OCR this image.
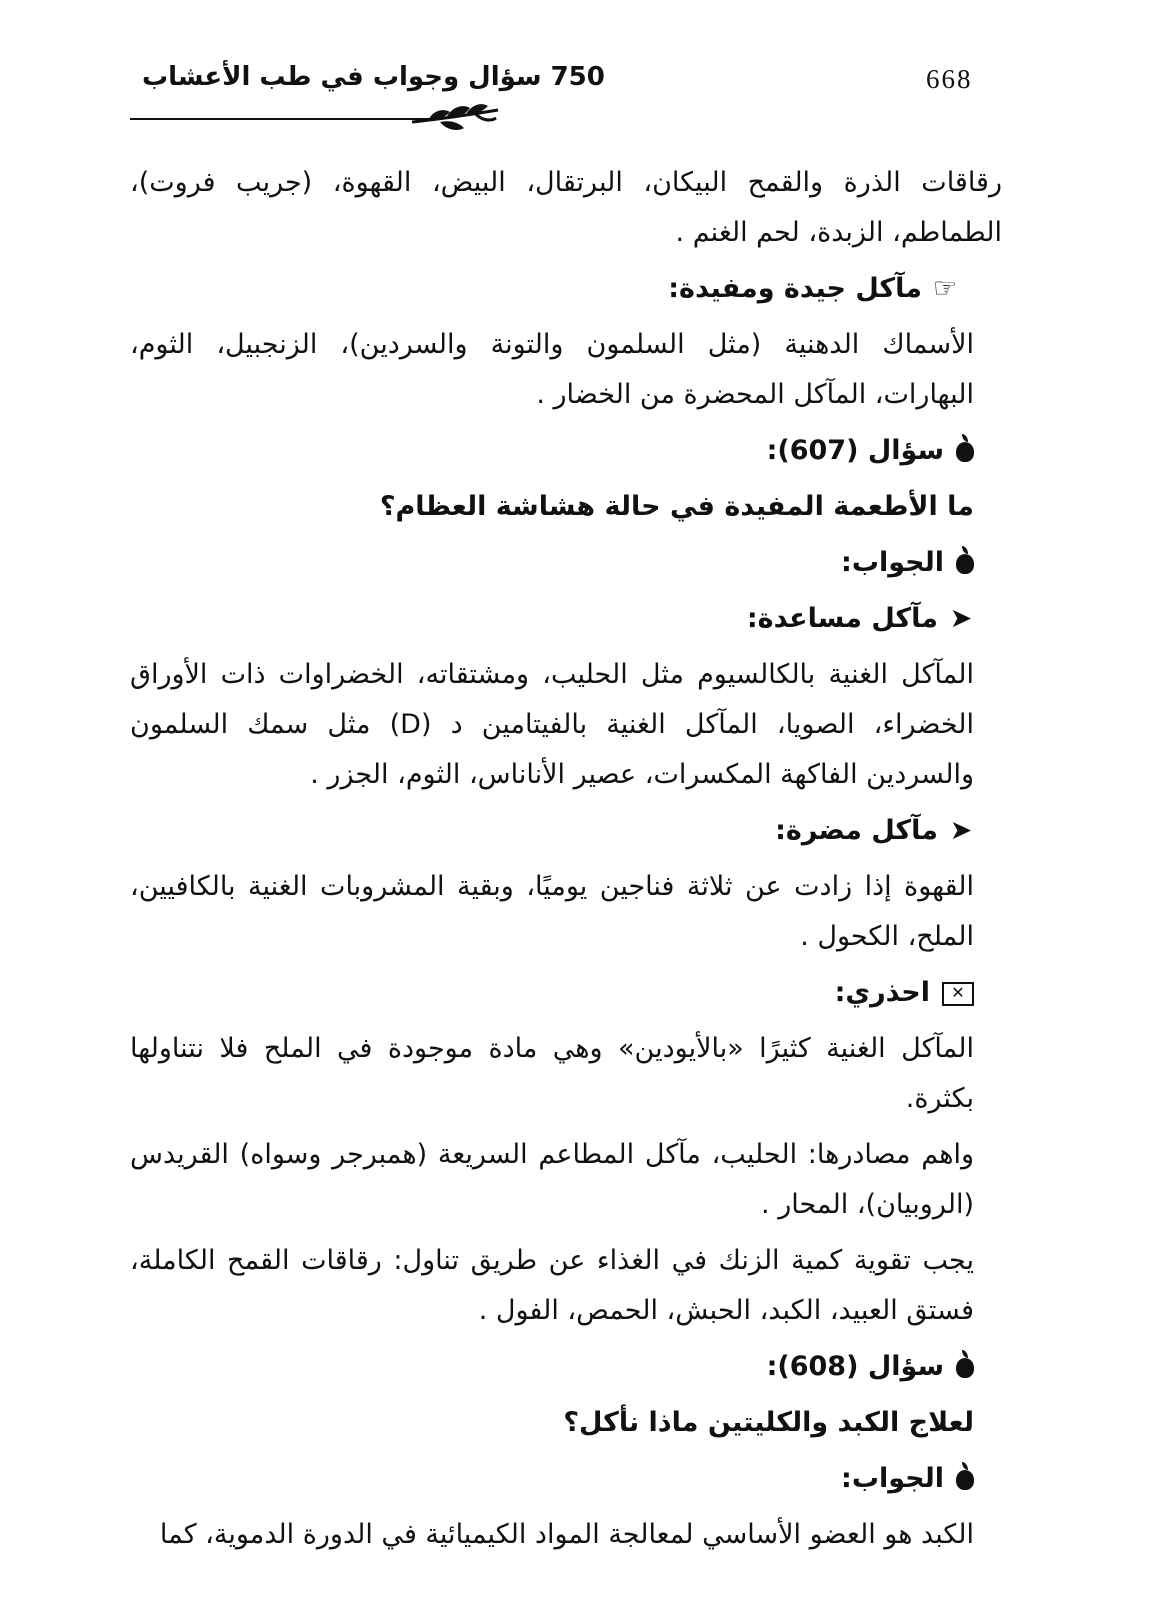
750 سؤال وجواب في طب الأعشاب	668

رقاقات الذرة والقمح البيكان، البرتقال، البيض، القهوة، (جريب فروت)، الطماطم، الزبدة، لحم الغنم .

☞مآكل جيدة ومفيدة:

الأسماك الدهنية (مثل السلمون والتونة والسردين)، الزنجبيل، الثوم، البهارات، المآكل المحضرة من الخضار .

سؤال (607):

ما الأطعمة المفيدة في حالة هشاشة العظام؟

الجواب:

➤مآكل مساعدة:

المآكل الغنية بالكالسيوم مثل الحليب، ومشتقاته، الخضراوات ذات الأوراق الخضراء، الصويا، المآكل الغنية بالفيتامين د (D) مثل سمك السلمون والسردين الفاكهة المكسرات، عصير الأناناس، الثوم، الجزر .

➤مآكل مضرة:

القهوة إذا زادت عن ثلاثة فناجين يوميًا، وبقية المشروبات الغنية بالكافيين، الملح، الكحول .

✕احذري:

المآكل الغنية كثيرًا «بالأيودين» وهي مادة موجودة في الملح فلا نتناولها بكثرة.

واهم مصادرها: الحليب، مآكل المطاعم السريعة (همبرجر وسواه) القريدس (الروبيان)، المحار .

يجب تقوية كمية الزنك في الغذاء عن طريق تناول: رقاقات القمح الكاملة، فستق العبيد، الكبد، الحبش، الحمص، الفول .

سؤال (608):

لعلاج الكبد والكليتين ماذا نأكل؟

الجواب:

الكبد هو العضو الأساسي لمعالجة المواد الكيميائية في الدورة الدموية، كما
